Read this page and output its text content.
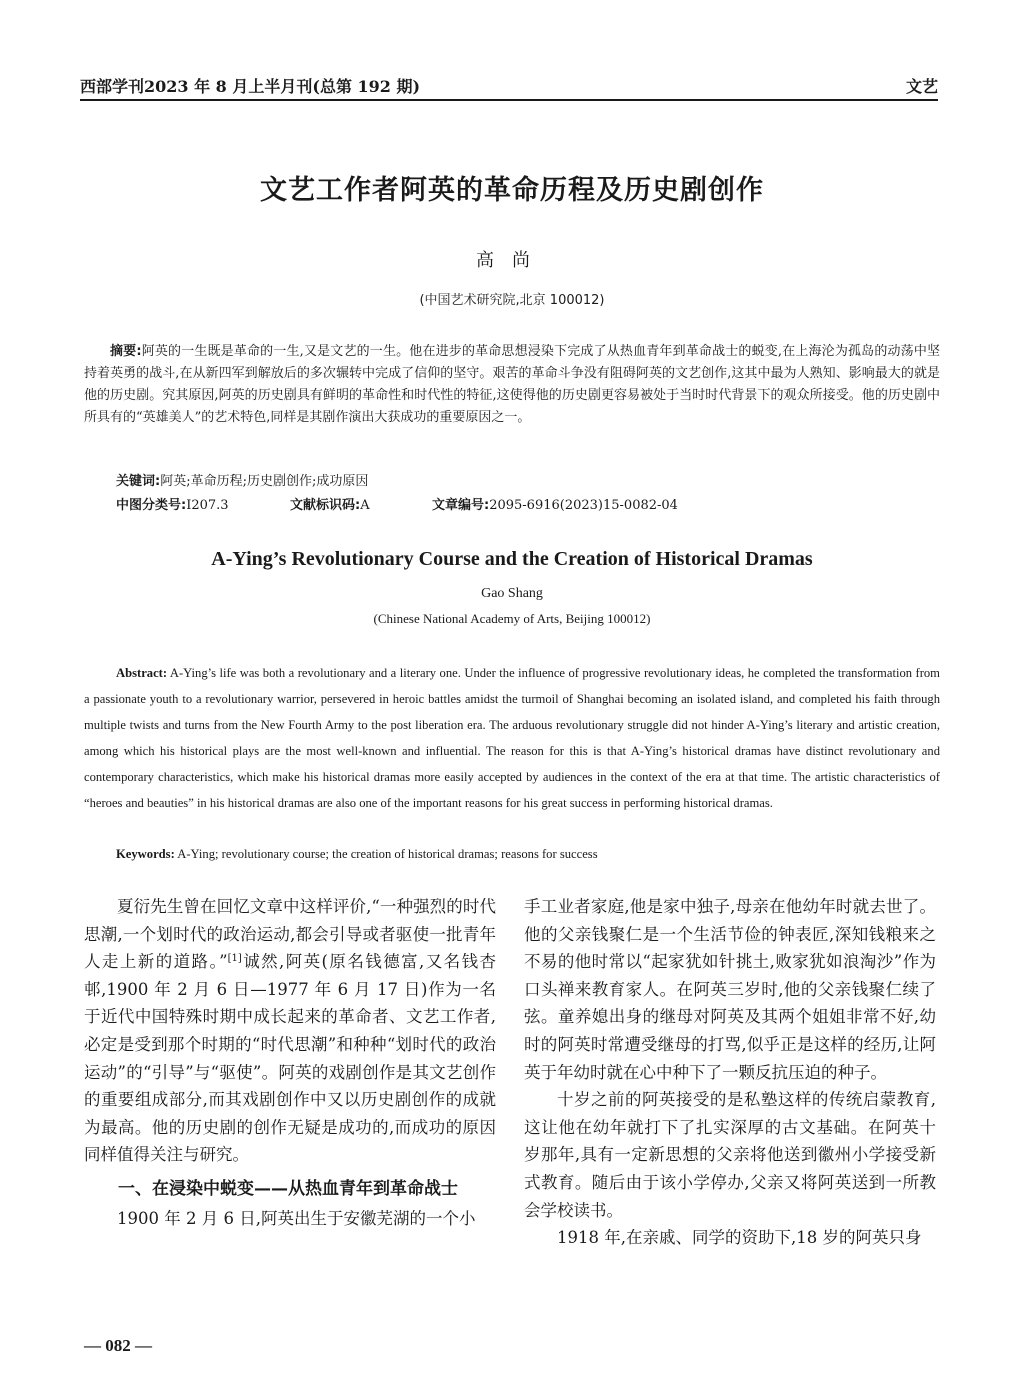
西部学刊2023 年 8 月上半月刊(总第 192 期)	文艺
文艺工作者阿英的革命历程及历史剧创作
高尚
(中国艺术研究院,北京 100012)
摘要:阿英的一生既是革命的一生,又是文艺的一生。他在进步的革命思想浸染下完成了从热血青年到革命战士的蜕变,在上海沦为孤岛的动荡中坚持着英勇的战斗,在从新四军到解放后的多次辗转中完成了信仰的坚守。艰苦的革命斗争没有阻碍阿英的文艺创作,这其中最为人熟知、影响最大的就是他的历史剧。究其原因,阿英的历史剧具有鲜明的革命性和时代性的特征,这使得他的历史剧更容易被处于当时时代背景下的观众所接受。他的历史剧中所具有的“英雄美人”的艺术特色,同样是其剧作演出大获成功的重要原因之一。
关键词:阿英;革命历程;历史剧创作;成功原因
中图分类号:I207.3	文献标识码:A	文章编号:2095-6916(2023)15-0082-04
A-Ying’s Revolutionary Course and the Creation of Historical Dramas
Gao Shang
(Chinese National Academy of Arts, Beijing 100012)
Abstract: A-Ying’s life was both a revolutionary and a literary one. Under the influence of progressive revolutionary ideas, he completed the transformation from a passionate youth to a revolutionary warrior, persevered in heroic battles amidst the turmoil of Shanghai becoming an isolated island, and completed his faith through multiple twists and turns from the New Fourth Army to the post liberation era. The arduous revolutionary struggle did not hinder A-Ying’s literary and artistic creation, among which his historical plays are the most well-known and influential. The reason for this is that A-Ying’s historical dramas have distinct revolutionary and contemporary characteristics, which make his historical dramas more easily accepted by audiences in the context of the era at that time. The artistic characteristics of “heroes and beauties” in his historical dramas are also one of the important reasons for his great success in performing historical dramas.
Keywords: A-Ying; revolutionary course; the creation of historical dramas; reasons for success

夏衍先生曾在回忆文章中这样评价,“一种强烈的时代思潮,一个划时代的政治运动,都会引导或者驱使一批青年人走上新的道路。”[1]诚然,阿英(原名钱德富,又名钱杏邨,1900 年 2 月 6 日—1977 年 6 月 17 日)作为一名于近代中国特殊时期中成长起来的革命者、文艺工作者,必定是受到那个时期的“时代思潮”和种种“划时代的政治运动”的“引导”与“驱使”。阿英的戏剧创作是其文艺创作的重要组成部分,而其戏剧创作中又以历史剧创作的成就为最高。他的历史剧的创作无疑是成功的,而成功的原因同样值得关注与研究。

一、在浸染中蜕变——从热血青年到革命战士

1900 年 2 月 6 日,阿英出生于安徽芜湖的一个小

手工业者家庭,他是家中独子,母亲在他幼年时就去世了。他的父亲钱聚仁是一个生活节俭的钟表匠,深知钱粮来之不易的他时常以“起家犹如针挑土,败家犹如浪淘沙”作为口头禅来教育家人。在阿英三岁时,他的父亲钱聚仁续了弦。童养媳出身的继母对阿英及其两个姐姐非常不好,幼时的阿英时常遭受继母的打骂,似乎正是这样的经历,让阿英于年幼时就在心中种下了一颗反抗压迫的种子。

十岁之前的阿英接受的是私塾这样的传统启蒙教育,这让他在幼年就打下了扎实深厚的古文基础。在阿英十岁那年,具有一定新思想的父亲将他送到徽州小学接受新式教育。随后由于该小学停办,父亲又将阿英送到一所教会学校读书。

1918 年,在亲戚、同学的资助下,18 岁的阿英只身

— 082 —
